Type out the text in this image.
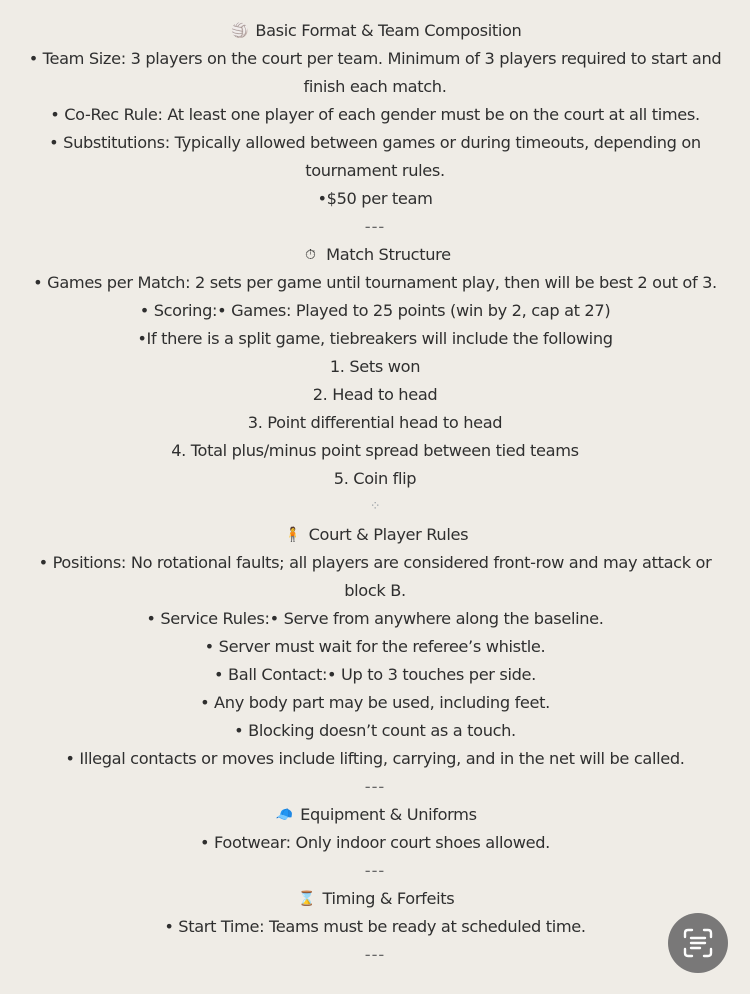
🏐 Basic Format & Team Composition
• Team Size: 3 players on the court per team. Minimum of 3 players required to start and
finish each match.
• Co-Rec Rule: At least one player of each gender must be on the court at all times.
• Substitutions: Typically allowed between games or during timeouts, depending on
tournament rules.
•$50 per team
---
⏱ Match Structure
• Games per Match: 2 sets per game until tournament play, then will be best 2 out of 3.
• Scoring:• Games: Played to 25 points (win by 2, cap at 27)
•If there is a split game, tiebreakers will include the following
1. Sets won
2. Head to head
3. Point differential head to head
4. Total plus/minus point spread between tied teams
5. Coin flip
⁘
🧍 Court & Player Rules
• Positions: No rotational faults; all players are considered front-row and may attack or
block B.
• Service Rules:• Serve from anywhere along the baseline.
• Server must wait for the referee’s whistle.
• Ball Contact:• Up to 3 touches per side.
• Any body part may be used, including feet.
• Blocking doesn’t count as a touch.
• Illegal contacts or moves include lifting, carrying, and in the net will be called.
---
🧢 Equipment & Uniforms
• Footwear: Only indoor court shoes allowed.
---
⌛ Timing & Forfeits
• Start Time: Teams must be ready at scheduled time.
---
